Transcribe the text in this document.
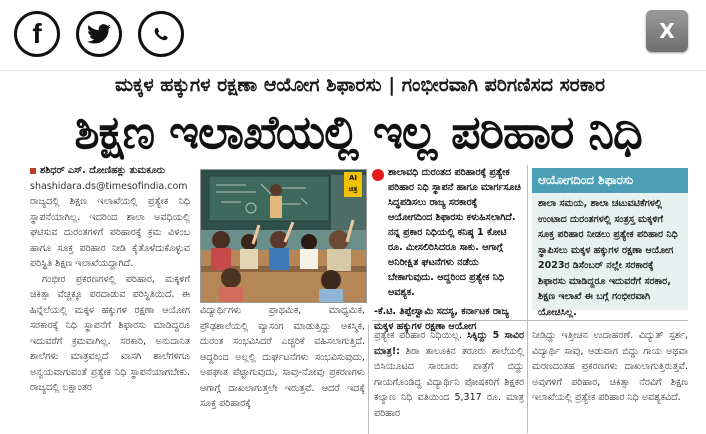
f	X
ಮಕ್ಕಳ ಹಕ್ಕುಗಳ ರಕ್ಷಣಾ ಆಯೋಗ ಶಿಫಾರಸು | ಗಂಭೀರವಾಗಿ ಪರಿಗಣಿಸದ ಸರಕಾರ
ಶಿಕ್ಷಣ ಇಲಾಖೆಯಲ್ಲಿ ಇಲ್ಲ ಪರಿಹಾರ ನಿಧಿ
ಶಶಿಧರ್ ಎಸ್. ದೋಣಿಹಕ್ಲು ತುಮಕೂರು
shashidara.ds@timesofindia.com
ರಾಜ್ಯದಲ್ಲಿ ಶಿಕ್ಷಣ ಇಲಾಖೆಯಲ್ಲಿ ಪ್ರತ್ಯೇಕ ನಿಧಿ ಸ್ಥಾಪನೆಯಾಗಿಲ್ಲ. ಇದರಿಂದ ಶಾಲಾ ಅವಧಿಯಲ್ಲಿ ಘಟಿಸುವ ದುರಂತಗಳಿಗೆ ಪರಿಹಾರಕ್ಕೆ ಕ್ರಮ ವಿಳಂಬ ಹಾಗೂ ಸೂಕ್ತ ಪರಿಹಾರ ನೀಡಿ ಕೈತೊಳೆದುಕೊಳ್ಳುವ ಪರಿಸ್ಥಿತಿ ಶಿಕ್ಷಣ ಇಲಾಖೆಯದ್ದಾಗಿದೆ.
ಗಂಭೀರ ಪ್ರಕರಣಗಳಲ್ಲಿ ಪರಿಹಾರ, ಮಕ್ಕಳಿಗೆ ಚಿಕಿತ್ಸಾ ವೆಚ್ಚಕ್ಕೂ ಪರದಾಡುವ ಪರಿಸ್ಥಿತಿಯಿದೆ. ಈ ಹಿನ್ನೆಲೆಯಲ್ಲಿ ಮಕ್ಕಳ ಹಕ್ಕುಗಳ ರಕ್ಷಣಾ ಆಯೋಗ ಸರಕಾರಕ್ಕೆ ನಿಧಿ ಸ್ಥಾಪನೆಗೆ ಶಿಫಾರಸು ಮಾಡಿದ್ದರೂ ಇದುವರೆಗೆ ಕ್ರಮವಾಗಿಲ್ಲ. ಸರಕಾರಿ, ಅನುದಾನಿತ ಶಾಲೆಗಳು ಮಾತ್ರವಲ್ಲದೆ ಖಾಸಗಿ ಶಾಲೆಗಳಿಗೂ ಅನ್ವಯವಾಗುವಂತೆ ಪ್ರತ್ಯೇಕ ನಿಧಿ ಸ್ಥಾಪನೆಯಾಗಬೇಕು. ರಾಜ್ಯದಲ್ಲಿ ಲಕ್ಷಾಂತರ
AI ಚಿತ್ರ
ವಿದ್ಯಾರ್ಥಿಗಳು ಪ್ರಾಥಮಿಕ, ಮಾಧ್ಯಮಿಕ, ಪ್ರೌಢಶಾಲೆಯಲ್ಲಿ ವ್ಯಾಸಂಗ ಮಾಡುತ್ತಿದ್ದು ಆಕಸ್ಮಿಕ, ದುರಂತ ಸಂಭವಿಸಿದರೆ ಎಚ್ಚರಿಕೆ ವಹಿಸಲಾಗುತ್ತಿದೆ. ಆದ್ದರಿಂದ ಅಲ್ಲಲ್ಲಿ ದುರ್ಘಟನೆಗಳು ಸಂಭವಿಸುವುದು, ಅಪಘಾತ ಪೆಟ್ಟಾಗುವುದು, ಸಾವು-ನೋವು ಪ್ರಕರಣಗಳು ಆಗಾಗ್ಗೆ ದಾಖಲಾಗುತ್ತಲೇ ಇರುತ್ತವೆ. ಆದರೆ ಇದಕ್ಕೆ ಸೂಕ್ತ ಪರಿಹಾರಕ್ಕೆ
ಶಾಲಾವಧಿ ದುರಂತದ ಪರಿಹಾರಕ್ಕೆ ಪ್ರತ್ಯೇಕ ಪರಿಹಾರ ನಿಧಿ ಸ್ಥಾಪನೆ ಹಾಗೂ ಮಾರ್ಗಸೂಚಿ ಸಿದ್ಧಪಡಿಸಲು ರಾಜ್ಯ ಸರಕಾರಕ್ಕೆ ಆಯೋಗದಿಂದ ಶಿಫಾರಸು ಕಳುಹಿಸಲಾಗಿದೆ. ನನ್ನ ಪ್ರಕಾರ ನಿಧಿಯಲ್ಲಿ ಕನಿಷ್ಠ 1 ಕೋಟಿ ರೂ. ಮೀಸಲಿರಿಸಿದರೂ ಸಾಕು. ಆಗಾಗ್ಗೆ ಅನಿರೀಕ್ಷಿತ ಘಟನೆಗಳು ನಡೆಯ ಬೇಕಾಗುವುದು. ಆದ್ದರಿಂದ ಪ್ರತ್ಯೇಕ ನಿಧಿ ಅವಶ್ಯಕ.
-ಕೆ.ಟಿ. ತಿಪ್ಪೇಸ್ವಾಮಿ ಸದಸ್ಯ, ಕರ್ನಾಟಕ ರಾಜ್ಯ ಮಕ್ಕಳ ಹಕ್ಕುಗಳ ರಕ್ಷಣಾ ಆಯೋಗ
ಪ್ರತ್ಯೇಕ ಪರಿಹಾರ ನಿಧಿಯಿಲ್ಲ. ಸಿಕ್ಕಿದ್ದು 5 ಸಾವಿರ ಮಾತ್ರ!: ಶಿರಾ ತಾಲೂಕಿನ ತರೂರು ಶಾಲೆಯಲ್ಲಿ ಬಿಸಿಯೂಟದ ಸಾಂಬಾರು ಪಾತ್ರೆಗೆ ಬಿದ್ದು ಗಾಯಗೊಂಡಿದ್ದ ವಿದ್ಯಾರ್ಥಿನಿ ಪೋಷಕರಿಗೆ ಶಿಕ್ಷಕರ ಕಲ್ಯಾಣ ನಿಧಿ ವತಿಯಿಂದ 5,317 ರೂ. ಮಾತ್ರ ಪರಿಹಾರ
ಆಯೋಗದಿಂದ ಶಿಫಾರಸು
ಶಾಲಾ ಸಮಯ, ಶಾಲಾ ಚಟುವಟಿಕೆಗಳಲ್ಲಿ ಉಂಟಾದ ದುರಂತಗಳಲ್ಲಿ ಸಂತ್ರಸ್ತ ಮಕ್ಕಳಿಗೆ ಸೂಕ್ತ ಪರಿಹಾರ ನೀಡಲು ಪ್ರತ್ಯೇಕ ಪರಿಹಾರ ನಿಧಿ ಸ್ಥಾಪಿಸಲು ಮಕ್ಕಳ ಹಕ್ಕುಗಳ ರಕ್ಷಣಾ ಆಯೋಗ 2023ರ ಡಿಸೆಂಬರ್ ನಲ್ಲೇ ಸರಕಾರಕ್ಕೆ ಶಿಫಾರಸು ಮಾಡಿದ್ದರೂ ಇದುವರೆಗೆ ಸರಕಾರ, ಶಿಕ್ಷಣ ಇಲಾಖೆ ಈ ಬಗ್ಗೆ ಗಂಭೀರವಾಗಿ ಯೋಚಿಸಿಲ್ಲ.
ನೀಡಿದ್ದು ಇತ್ತೀಚಿನ ಉದಾಹರಣೆ. ವಿದ್ಯುತ್ ಸ್ಪರ್ಶ, ವಿದ್ಯಾರ್ಥಿ ಸಾವು, ಆಡುವಾಗ ಬಿದ್ದು ಗಾಯ ಅಥವಾ ಮರಣದಂತಹ ಪ್ರಕರಣಗಳು ದಾಖಲಾಗುತ್ತಿರುತ್ತವೆ. ಅವುಗಳಿಗೆ ಪರಿಹಾರ, ಚಿಕಿತ್ಸಾ ನೆರವಿಗೆ ಶಿಕ್ಷಣ ಇಲಾಖೆಯಲ್ಲಿ ಪ್ರತ್ಯೇಕ ಪರಿಹಾರ ನಿಧಿ ಅವಶ್ಯಕವಿದೆ.
